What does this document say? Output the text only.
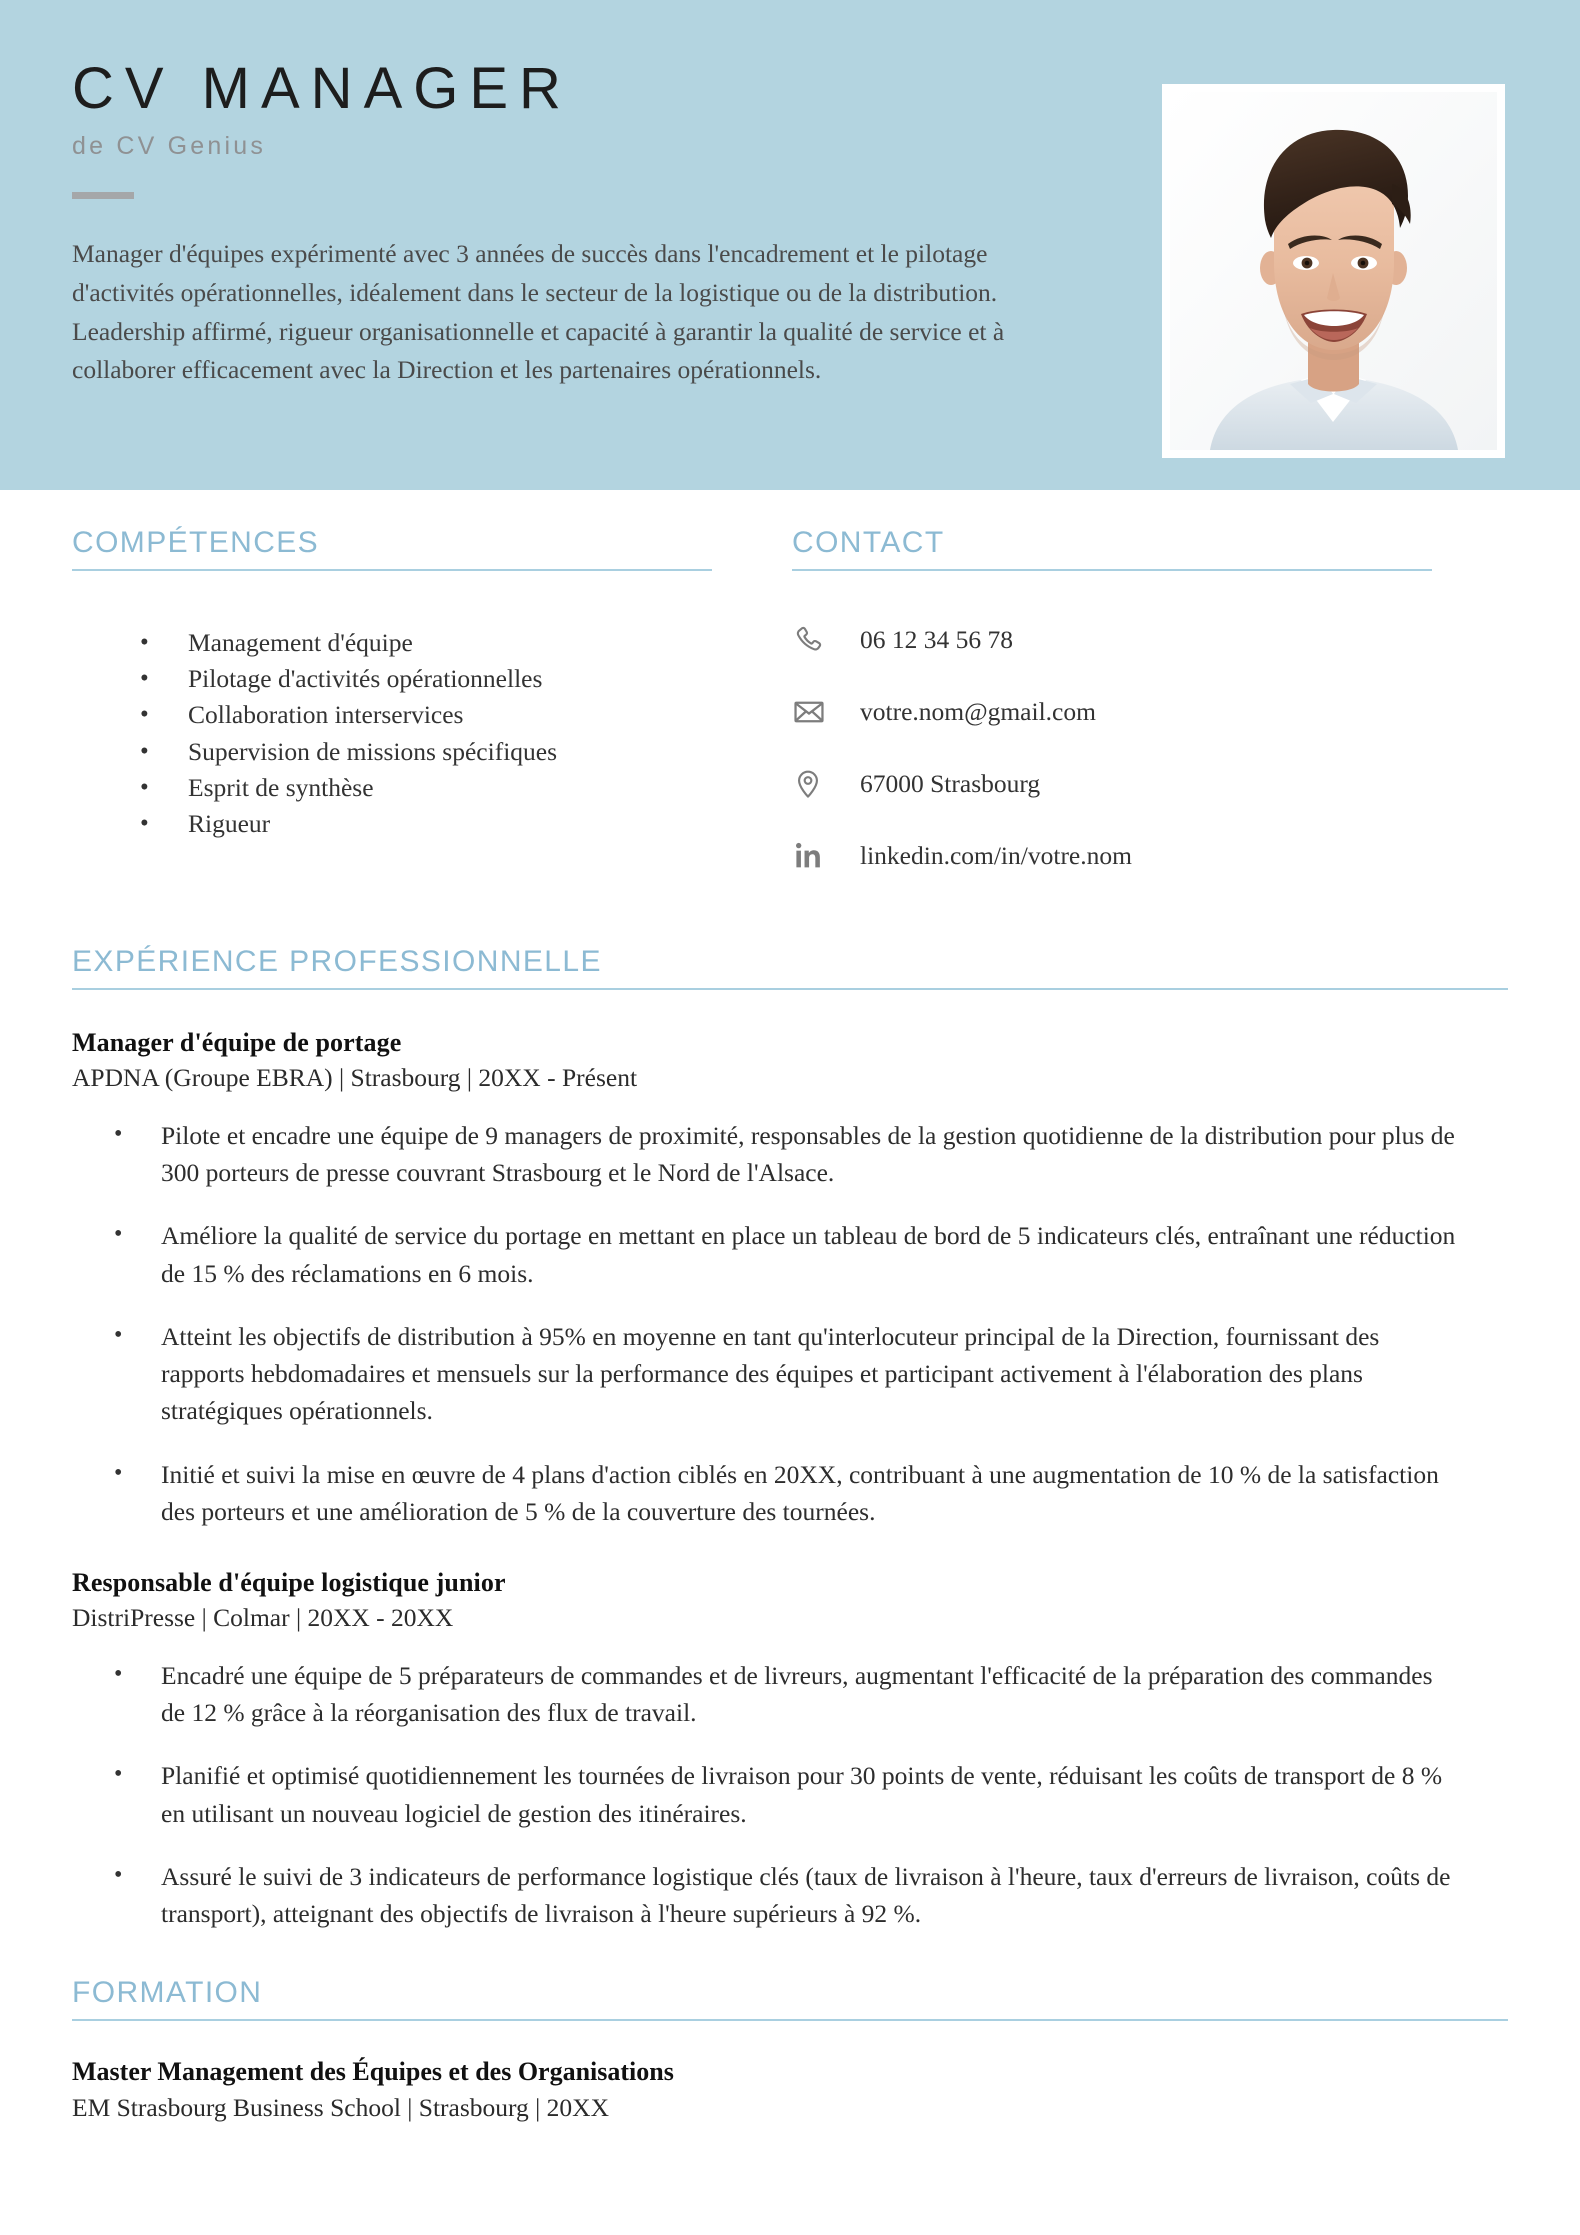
CV MANAGER
de CV Genius
Manager d'équipes expérimenté avec 3 années de succès dans l'encadrement et le pilotage d'activités opérationnelles, idéalement dans le secteur de la logistique ou de la distribution. Leadership affirmé, rigueur organisationnelle et capacité à garantir la qualité de service et à collaborer efficacement avec la Direction et les partenaires opérationnels.
COMPÉTENCES
•	Management d'équipe
•	Pilotage d'activités opérationnelles
•	Collaboration interservices
•	Supervision de missions spécifiques
•	Esprit de synthèse
•	Rigueur
CONTACT
06 12 34 56 78
votre.nom@gmail.com
67000 Strasbourg
linkedin.com/in/votre.nom
EXPÉRIENCE PROFESSIONNELLE
Manager d'équipe de portage
APDNA (Groupe EBRA) | Strasbourg | 20XX - Présent
•	Pilote et encadre une équipe de 9 managers de proximité, responsables de la gestion quotidienne de la distribution pour plus de 300 porteurs de presse couvrant Strasbourg et le Nord de l'Alsace.
•	Améliore la qualité de service du portage en mettant en place un tableau de bord de 5 indicateurs clés, entraînant une réduction de 15 % des réclamations en 6 mois.
•	Atteint les objectifs de distribution à 95% en moyenne en tant qu'interlocuteur principal de la Direction, fournissant des rapports hebdomadaires et mensuels sur la performance des équipes et participant activement à l'élaboration des plans stratégiques opérationnels.
•	Initié et suivi la mise en œuvre de 4 plans d'action ciblés en 20XX, contribuant à une augmentation de 10 % de la satisfaction des porteurs et une amélioration de 5 % de la couverture des tournées.
Responsable d'équipe logistique junior
DistriPresse | Colmar | 20XX - 20XX
•	Encadré une équipe de 5 préparateurs de commandes et de livreurs, augmentant l'efficacité de la préparation des commandes de 12 % grâce à la réorganisation des flux de travail.
•	Planifié et optimisé quotidiennement les tournées de livraison pour 30 points de vente, réduisant les coûts de transport de 8 % en utilisant un nouveau logiciel de gestion des itinéraires.
•	Assuré le suivi de 3 indicateurs de performance logistique clés (taux de livraison à l'heure, taux d'erreurs de livraison, coûts de transport), atteignant des objectifs de livraison à l'heure supérieurs à 92 %.
FORMATION
Master Management des Équipes et des Organisations
EM Strasbourg Business School | Strasbourg | 20XX
